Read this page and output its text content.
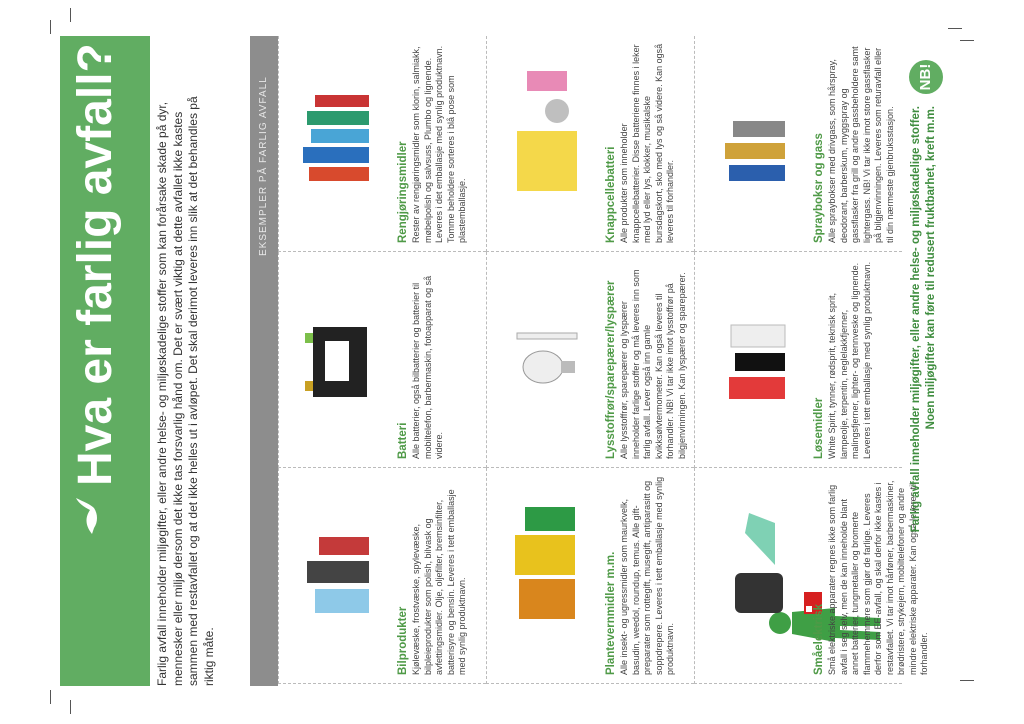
Hva er farlig avfall?	Farlig avfall inneholder miljøgifter, eller andre helse- og miljøskadelige stoffer som kan forårsake skade på dyr, mennesker eller miljø dersom det ikke tas forsvarlig hånd om. Det er svært viktig at dette avfallet ikke kastes sammen med restavfallet og at det ikke helles ut i avløpet. Det skal derimot leveres inn slik at det behandles på riktig måte.
EKSEMPLER PÅ FARLIG AVFALL	Rengjøringsmidler Rester av rengjøringsmidler som klorin, salmiakk, møbelpolish og salvsuss, Plumbo og lignende. Leveres i det emballasje med synlig produktnavn. Tomme beholdere sorteres i blå pose som plastemballasje.	Knappcellebatteri Alle produkter som inneholder knappcellebatterier. Disse batteriene finnes i leker med lyd eller lys, klokker, musikalske bursdagskort, sko med lys og så videre. Kan også leveres til forhandler.	Sprayboksr og gass Alle spraybokser med drivgass, som hårspray, deodorant, barberskum, myggspray og gassflasker fra grill og andre gassbeholdere samt lightergass. NB! Vi tar ikke imot store gassflasker på bilgjenvinningen. Leveres som returavfall eller til din nærmeste gjenbruksstasjon.

Batteri Alle batterier, også bilbatterier og batterier til mobiltelefon, barbermaskin, fotoapparat og så videre.	Lysstoffrør/sparepærer/lyspærer Alle lysstoffrør, sparepærer og lyspærer inneholder farlige stoffer og må leveres inn som farlig avfall. Lever også inn gamle kvikksølvtermometer. Kan også leveres til forhandler. NB! Vi tar ikke imot lysstoffrør på bilgjenvinningen. Kan lyspærer og sparepærer.	Løsemidler White Spirit, tynner, rødsprit, teknisk sprit, lampeolje, terpentin, neglelakkfjerner, malingsfjerner, lighter- og tennveske og lignende. Leveres i tett emballasje med synlig produktnavn.

Bilprodukter Kjølevæske, frostvæske, spylevæske, bilpleieprodukter som polish, bilvask og avfettingsmidler. Olje, oljefilter, bremsinfilter, batterisyre og bensin. Leveres i tett emballasje med synlig produktnavn.	Plantevernmidler m.m. Alle insekt- og ugressmidler som maurkvelk, basudin, weedol, roundup, temus. Alle gift-preparater som rottegift, musegift, antiparasitt og soppdrepere. Leveres i tett emballasje med synlig produktnavn.	Småelektrisk Små elektriske apparater regnes ikke som farlig avfall i seg selv, men de kan inneholde blant annet batterier, tungmetaller og bromerte flammehemmere som gjør de farlige. Leveres derfor som EE-avfall, og skal derfor ikke kastes i restavfallet. Vi tar imot hårføner, barbermaskiner, brødristere, strykejern, mobiltelefoner og andre mindre elektriske apparater. Kan også leveres til forhandler.

NB!
Farlig avfall inneholder miljøgifter, eller andre helse- og miljøskadelige stoffer. Noen miljøgifter kan føre til redusert fruktbarhet, kreft m.m.
